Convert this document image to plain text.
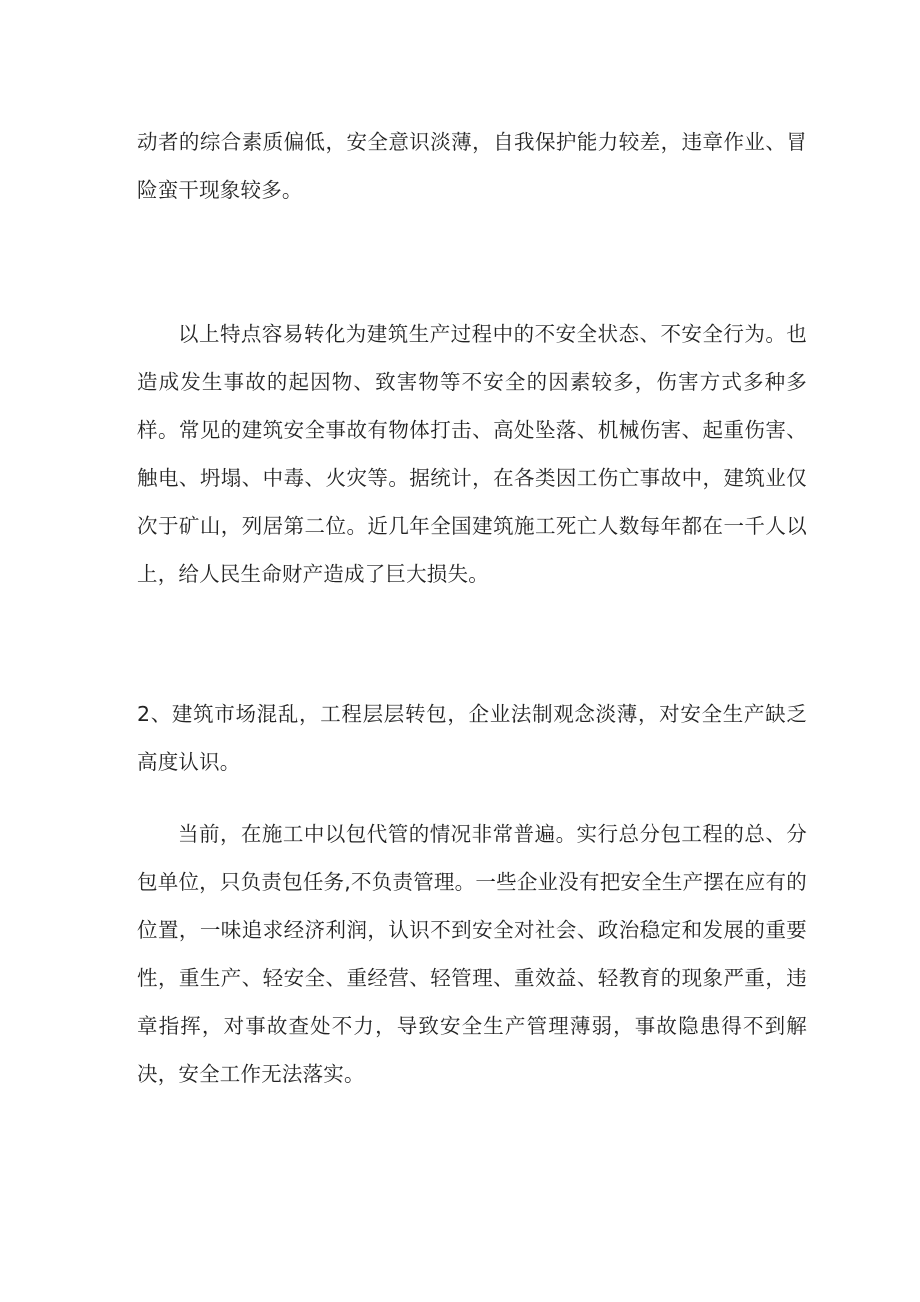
动者的综合素质偏低，安全意识淡薄，自我保护能力较差，违章作业、冒险蛮干现象较多。

以上特点容易转化为建筑生产过程中的不安全状态、不安全行为。也造成发生事故的起因物、致害物等不安全的因素较多，伤害方式多种多样。常见的建筑安全事故有物体打击、高处坠落、机械伤害、起重伤害、触电、坍塌、中毒、火灾等。据统计，在各类因工伤亡事故中，建筑业仅次于矿山，列居第二位。近几年全国建筑施工死亡人数每年都在一千人以上，给人民生命财产造成了巨大损失。

2、建筑市场混乱，工程层层转包，企业法制观念淡薄，对安全生产缺乏高度认识。

当前，在施工中以包代管的情况非常普遍。实行总分包工程的总、分包单位，只负责包任务,不负责管理。一些企业没有把安全生产摆在应有的位置，一味追求经济利润，认识不到安全对社会、政治稳定和发展的重要性，重生产、轻安全、重经营、轻管理、重效益、轻教育的现象严重，违章指挥，对事故查处不力，导致安全生产管理薄弱，事故隐患得不到解决，安全工作无法落实。
